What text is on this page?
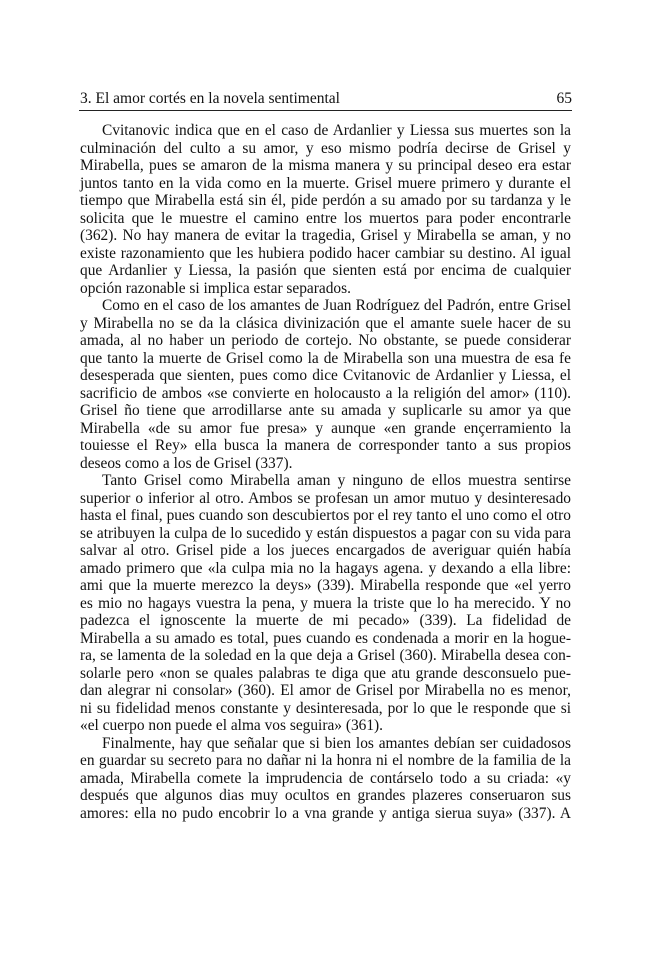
3. El amor cortés en la novela sentimental	65
Cvitanovic indica que en el caso de Ardanlier y Liessa sus muertes son la
culminación del culto a su amor, y eso mismo podría decirse de Grisel y
Mirabella, pues se amaron de la misma manera y su principal deseo era estar
juntos tanto en la vida como en la muerte. Grisel muere primero y durante el
tiempo que Mirabella está sin él, pide perdón a su amado por su tardanza y le
solicita que le muestre el camino entre los muertos para poder encontrarle
(362). No hay manera de evitar la tragedia, Grisel y Mirabella se aman, y no
existe razonamiento que les hubiera podido hacer cambiar su destino. Al igual
que Ardanlier y Liessa, la pasión que sienten está por encima de cualquier
opción razonable si implica estar separados.
Como en el caso de los amantes de Juan Rodríguez del Padrón, entre Grisel
y Mirabella no se da la clásica divinización que el amante suele hacer de su
amada, al no haber un periodo de cortejo. No obstante, se puede considerar
que tanto la muerte de Grisel como la de Mirabella son una muestra de esa fe
desesperada que sienten, pues como dice Cvitanovic de Ardanlier y Liessa, el
sacrificio de ambos «se convierte en holocausto a la religión del amor» (110).
Grisel ño tiene que arrodillarse ante su amada y suplicarle su amor ya que
Mirabella «de su amor fue presa» y aunque «en grande ençerramiento la
touiesse el Rey» ella busca la manera de corresponder tanto a sus propios
deseos como a los de Grisel (337).
Tanto Grisel como Mirabella aman y ninguno de ellos muestra sentirse
superior o inferior al otro. Ambos se profesan un amor mutuo y desinteresado
hasta el final, pues cuando son descubiertos por el rey tanto el uno como el otro
se atribuyen la culpa de lo sucedido y están dispuestos a pagar con su vida para
salvar al otro. Grisel pide a los jueces encargados de averiguar quién había
amado primero que «la culpa mia no la hagays agena. y dexando a ella libre:
ami que la muerte merezco la deys» (339). Mirabella responde que «el yerro
es mio no hagays vuestra la pena, y muera la triste que lo ha merecido. Y no
padezca el ignoscente la muerte de mi pecado» (339). La fidelidad de
Mirabella a su amado es total, pues cuando es condenada a morir en la hogue-
ra, se lamenta de la soledad en la que deja a Grisel (360). Mirabella desea con-
solarle pero «non se quales palabras te diga que atu grande desconsuelo pue-
dan alegrar ni consolar» (360). El amor de Grisel por Mirabella no es menor,
ni su fidelidad menos constante y desinteresada, por lo que le responde que si
«el cuerpo non puede el alma vos seguira» (361).
Finalmente, hay que señalar que si bien los amantes debían ser cuidadosos
en guardar su secreto para no dañar ni la honra ni el nombre de la familia de la
amada, Mirabella comete la imprudencia de contárselo todo a su criada: «y
después que algunos dias muy ocultos en grandes plazeres conseruaron sus
amores: ella no pudo encobrir lo a vna grande y antiga sierua suya» (337). A
